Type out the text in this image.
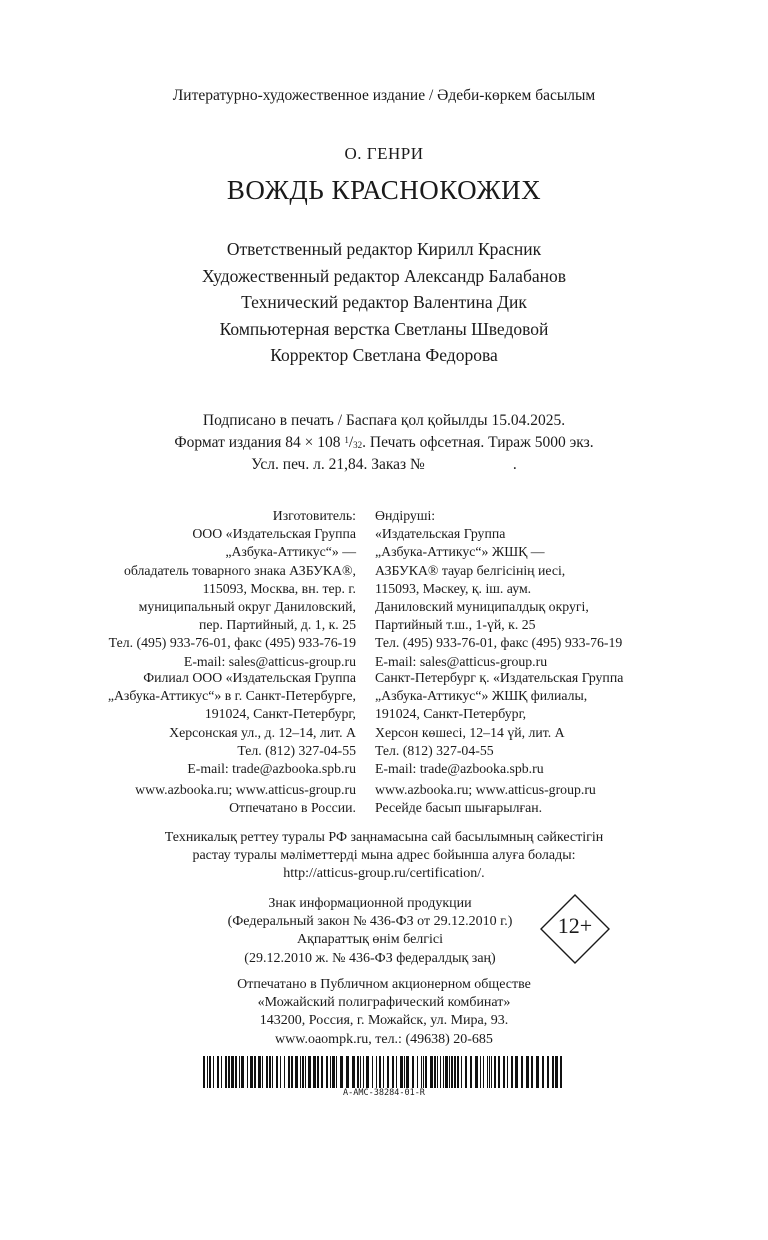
Литературно-художественное издание / Әдеби-көркем басылым
О. ГЕНРИ
ВОЖДЬ КРАСНОКОЖИХ
Ответственный редактор Кирилл Красник
Художественный редактор Александр Балабанов
Технический редактор Валентина Дик
Компьютерная верстка Светланы Шведовой
Корректор Светлана Федорова
Подписано в печать / Баспаға қол қойылды 15.04.2025.
Формат издания 84 × 108 $^1/_{32}$. Печать офсетная. Тираж 5000 экз.
Усл. печ. л. 21,84. Заказ №	.
Изготовитель:
ООО «Издательская Группа
„Азбука-Аттикус“» —
обладатель товарного знака АЗБУКА®,
115093, Москва, вн. тер. г.
муниципальный округ Даниловский,
пер. Партийный, д. 1, к. 25
Тел. (495) 933-76-01, факс (495) 933-76-19
E-mail: sales@atticus-group.ru
Өндіруші:
«Издательская Группа
„Азбука-Аттикус“» ЖШҚ —
АЗБУКА® тауар белгісінің иесі,
115093, Мәскеу, қ. іш. аум.
Даниловский муниципалдық округі,
Партийный т.ш., 1-үй, к. 25
Тел. (495) 933-76-01, факс (495) 933-76-19
E-mail: sales@atticus-group.ru
Филиал ООО «Издательская Группа
„Азбука-Аттикус“» в г. Санкт-Петербурге,
191024, Санкт-Петербург,
Херсонская ул., д. 12–14, лит. А
Тел. (812) 327-04-55
E-mail: trade@azbooka.spb.ru
Санкт-Петербург қ. «Издательская Группа
„Азбука-Аттикус“» ЖШҚ филиалы,
191024, Санкт-Петербург,
Херсон көшесі, 12–14 үй, лит. А
Тел. (812) 327-04-55
E-mail: trade@azbooka.spb.ru
www.azbooka.ru; www.atticus-group.ru
Отпечатано в России.
www.azbooka.ru; www.atticus-group.ru
Ресейде басып шығарылған.
Техникалық реттеу туралы РФ заңнамасына сай басылымның сәйкестігін
растау туралы мәліметтерді мына адрес бойынша алуға болады:
http://atticus-group.ru/certification/.
Знак информационной продукции
(Федеральный закон № 436-ФЗ от 29.12.2010 г.)
Ақпараттық өнім белгісі
(29.12.2010 ж. № 436-ФЗ федералдық заң)
12+
Отпечатано в Публичном акционерном обществе
«Можайский полиграфический комбинат»
143200, Россия, г. Можайск, ул. Мира, 93.
www.oaompk.ru, тел.: (49638) 20-685
A-AMC-38284-01-R
